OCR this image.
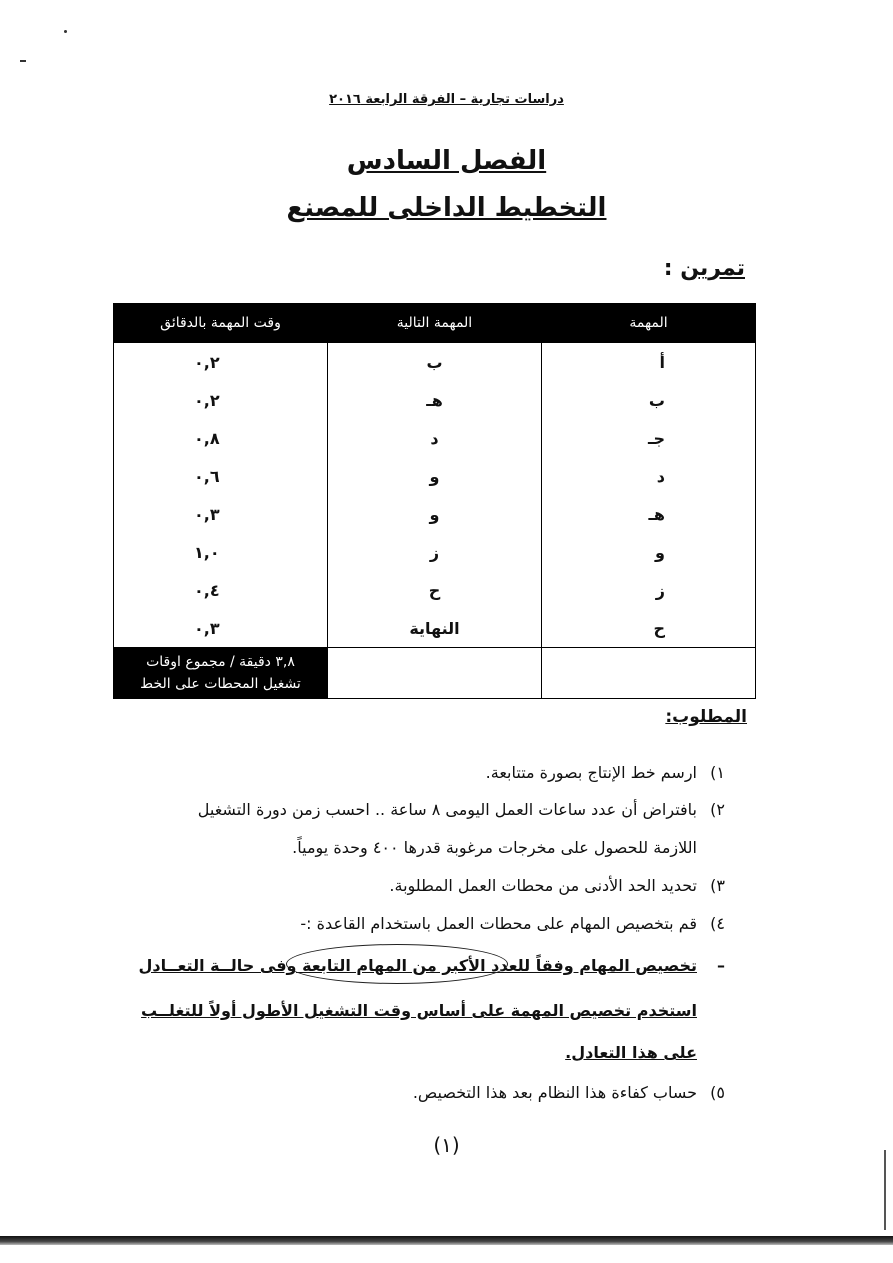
دراسات تجارية – الفرقة الرابعة ٢٠١٦
الفصل السادس
التخطيط الداخلى للمصنع
تمرين :
المهمة	المهمة التالية	وقت المهمة بالدقائق
أ	ب	٠,٢
ب	هـ	٠,٢
جـ	د	٠,٨
د	و	٠,٦
هـ	و	٠,٣
و	ز	١,٠
ز	ح	٠,٤
ح	النهاية	٠,٣

		٣,٨ دقيقة / مجموع اوقات
تشغيل المحطات على الخط
المطلوب:
١)ارسم خط الإنتاج بصورة متتابعة.
٢)بافتراض أن عدد ساعات العمل اليومى ٨ ساعة .. احسب زمن دورة التشغيل
اللازمة للحصول على مخرجات مرغوبة قدرها ٤٠٠ وحدة يومياً.
٣)تحديد الحد الأدنى من محطات العمل المطلوبة.
٤)قم بتخصيص المهام على محطات العمل باستخدام القاعدة :-
–تخصيص المهام وفقاً للعدد الأكبر من المهام التابعة وفى حالــة التعــادل
استخدم تخصيص المهمة على أساس وقت التشغيل الأطول أولاً للتغلــب
على هذا التعادل.
٥)حساب كفاءة هذا النظام بعد هذا التخصيص.
(١)
